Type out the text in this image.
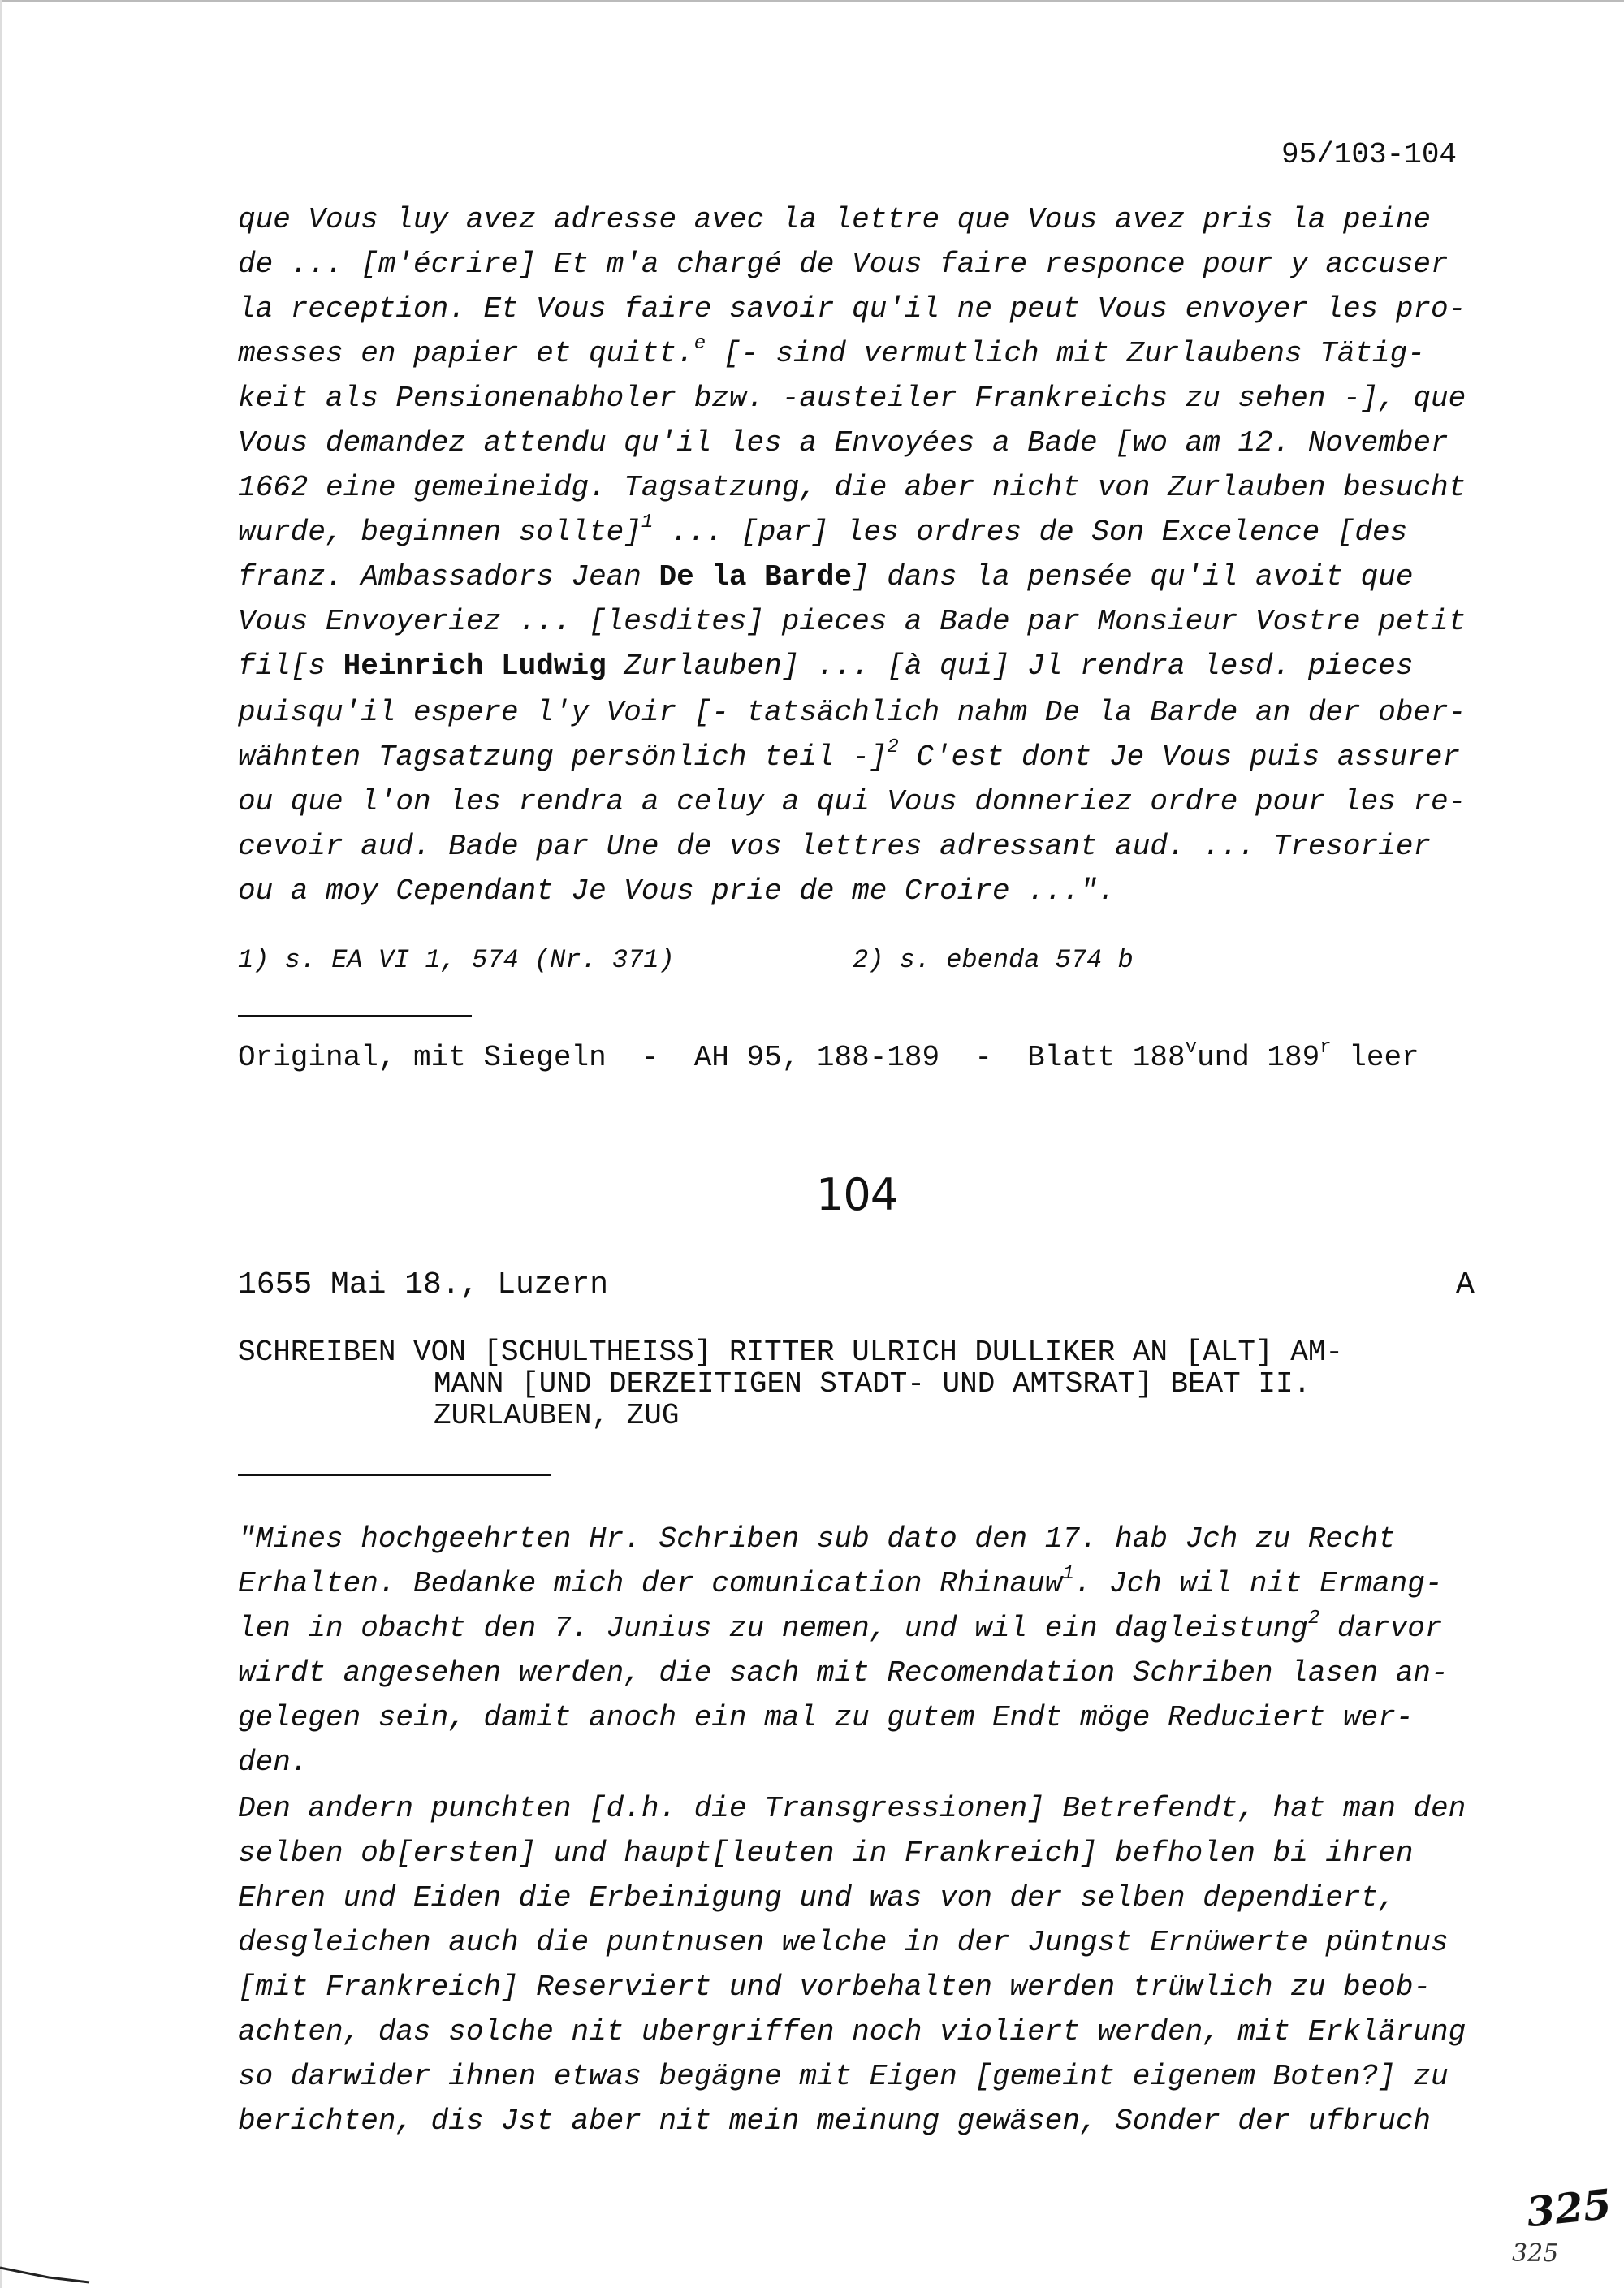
95/103-104
que Vous luy avez adresse avec la lettre que Vous avez pris la peine
de ... [m'écrire] Et m'a chargé de Vous faire responce pour y accuser
la reception. Et Vous faire savoir qu'il ne peut Vous envoyer les pro-
messes en papier et quitt.$^e$ [- sind vermutlich mit Zurlaubens Tätig-
keit als Pensionenabholer bzw. -austeiler Frankreichs zu sehen -], que
Vous demandez attendu qu'il les a Envoyées a Bade [wo am 12. November
1662 eine gemeineidg. Tagsatzung, die aber nicht von Zurlauben besucht
wurde, beginnen sollte]$^1$ ... [par] les ordres de Son Excelence [des
franz. Ambassadors Jean De la Barde] dans la pensée qu'il avoit que
Vous Envoyeriez ... [lesdites] pieces a Bade par Monsieur Vostre petit
fil[s Heinrich Ludwig Zurlauben] ... [à qui] Jl rendra lesd. pieces
puisqu'il espere l'y Voir [- tatsächlich nahm De la Barde an der ober-
wähnten Tagsatzung persönlich teil -]$^2$ C'est dont Je Vous puis assurer
ou que l'on les rendra a celuy a qui Vous donneriez ordre pour les re-
cevoir aud. Bade par Une de vos lettres adressant aud. ... Tresorier
ou a moy Cependant Je Vous prie de me Croire ...".
1) s. EA VI 1, 574 (Nr. 371)	2) s. ebenda 574 b
Original, mit Siegeln  -  AH 95, 188-189  -  Blatt 188$^v$und 189$^r$ leer
104
1655 Mai 18., Luzern	A
SCHREIBEN VON [SCHULTHEISS] RITTER ULRICH DULLIKER AN [ALT] AM-
MANN [UND DERZEITIGEN STADT- UND AMTSRAT] BEAT II.
ZURLAUBEN, ZUG
"Mines hochgeehrten Hr. Schriben sub dato den 17. hab Jch zu Recht
Erhalten. Bedanke mich der comunication Rhinauw$^1$. Jch wil nit Ermang-
len in obacht den 7. Junius zu nemen, und wil ein dagleistung$^2$ darvor
wirdt angesehen werden, die sach mit Recomendation Schriben lasen an-
gelegen sein, damit anoch ein mal zu gutem Endt möge Reduciert wer-
den.
Den andern punchten [d.h. die Transgressionen] Betrefendt, hat man den
selben ob[ersten] und haupt[leuten in Frankreich] befholen bi ihren
Ehren und Eiden die Erbeinigung und was von der selben dependiert,
desgleichen auch die puntnusen welche in der Jungst Ernüwerte püntnus
[mit Frankreich] Reserviert und vorbehalten werden trüwlich zu beob-
achten, das solche nit ubergriffen noch violiert werden, mit Erklärung
so darwider ihnen etwas begägne mit Eigen [gemeint eigenem Boten?] zu
berichten, dis Jst aber nit mein meinung gewäsen, Sonder der ufbruch
325
325
